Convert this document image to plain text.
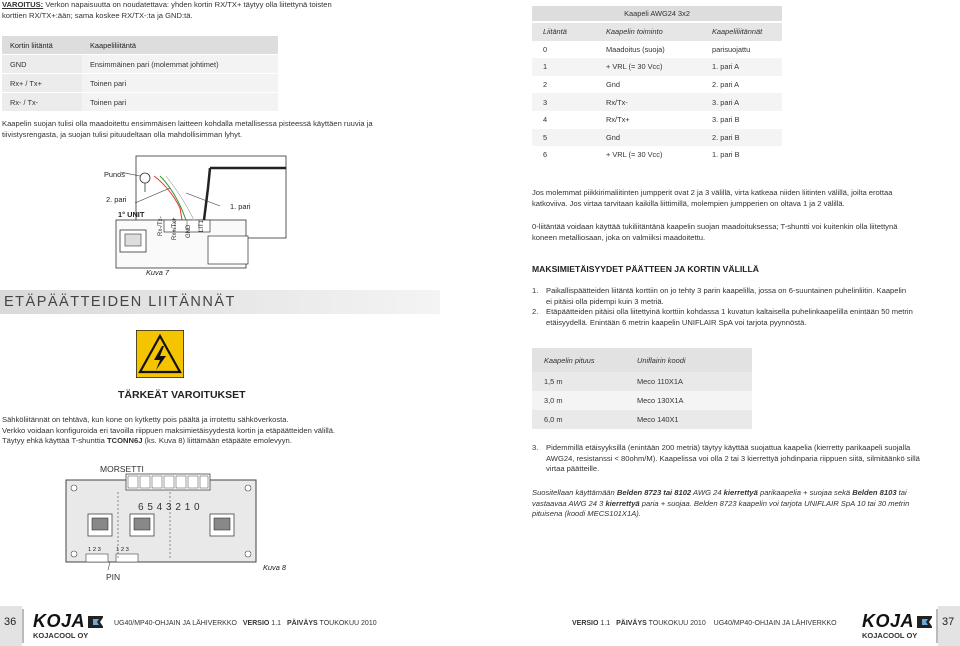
VAROITUS: Verkon napaisuutta on noudatettava: yhden kortin RX/TX+ täytyy olla liitettynä toisten
korttien RX/TX+:ään; sama koskee RX/TX-:ta ja GND:tä.
Kortin liitäntä	Kaapeliliitäntä
GND	Ensimmäinen pari (molemmat johtimet)
Rx+ / Tx+	Toinen pari
Rx- / Tx-	Toinen pari
Kaapelin suojan tulisi olla maadoitettu ensimmäisen laitteen kohdalla metallisessa pisteessä käyttäen ruuvia ja
tiivistysrengasta, ja suojan tulisi pituudeltaan olla mahdollisimman lyhyt.
Punos
2. pari
1. pari
1° UNIT
Rx-/Tx- Rx+/Tx+ GND LIT1
Kuva 7
ETÄPÄÄTTEIDEN LIITÄNNÄT
TÄRKEÄT VAROITUKSET
Sähköliitännät on tehtävä, kun kone on kytketty pois päältä ja irrotettu sähköverkosta.
Verkko voidaan konfiguroida eri tavoilla riippuen maksimietäisyydestä kortin ja etäpäätteiden välillä.
Täytyy ehkä käyttää T-shunttia TCONN6J (ks. Kuva 8) liittämään etäpääte emolevyyn.
MORSETTI
6 5 4 3 2 1 0
1 2 3	1 2 3
PIN
Kuva 8
Kaapeli AWG24 3x2
Liitäntä	Kaapelin toiminto	Kaapeliliitännät
0	Maadoitus (suoja)	parisuojattu
1	+ VRL (= 30 Vcc)	1. pari A
2	Gnd	2. pari A
3	Rx/Tx-	3. pari A
4	Rx/Tx+	3. pari B
5	Gnd	2. pari B
6	+ VRL (= 30 Vcc)	1. pari B
Jos molemmat piikkirimaliitinten jumpperit ovat 2 ja 3 välillä, virta katkeaa niiden liitinten välillä, joilta erottaa
katkoviiva. Jos virtaa tarvitaan kaikilla liittimillä, molempien jumpperien on oltava 1 ja 2 välillä.
0-liitäntää voidaan käyttää tukiliitäntänä kaapelin suojan maadoituksessa; T-shuntti voi kuitenkin olla liitettynä
koneen metalliosaan, joka on valmiiksi maadoitettu.
MAKSIMIETÄISYYDET PÄÄTTEEN JA KORTIN VÄLILLÄ
1.	Paikallispäätteiden liitäntä korttiin on jo tehty 3 parin kaapelilla, jossa on 6-suuntainen puhelinliitin. Kaapelin
ei pitäisi olla pidempi kuin 3 metriä.
2.	Etäpäätteiden pitäisi olla liitettyinä korttiin kohdassa 1 kuvatun kaltaisella puhelinkaapelilla enintään 50 metrin
etäisyydellä. Enintään 6 metrin kaapelin UNIFLAIR SpA voi tarjota pyynnöstä.
Kaapelin pituus	Uniflairin koodi
1,5 m	Meco 110X1A
3,0 m	Meco 130X1A
6,0 m	Meco 140X1
3.	Pidemmillä etäisyyksillä (enintään 200 metriä) täytyy käyttää suojattua kaapelia (kierretty parikaapeli suojalla
AWG24, resistanssi < 80ohm/M). Kaapelissa voi olla 2 tai 3 kierrettyä johdinparia riippuen siitä, silmitäänkö sillä
virtaa päätteille.
Suositellaan käyttämään Belden 8723 tai 8102 AWG 24 kierrettyä parikaapelia + suojaa sekä Belden 8103 tai
vastaavaa AWG 24 3 kierrettyä paria + suojaa. Belden 8723 kaapelin voi tarjota UNIFLAIR SpA 10 tai 30 metrin
pituisena (koodi MECS101X1A).
36 KOJA
KOJACOOL OY
UG40/MP40-OHJAIN JA LÄHIVERKKO VERSIO 1.1 PÄIVÄYS TOUKOKUU 2010	VERSIO 1.1 PÄIVÄYS TOUKOKUU 2010 UG40/MP40-OHJAIN JA LÄHIVERKKO KOJA
KOJACOOL OY
37
